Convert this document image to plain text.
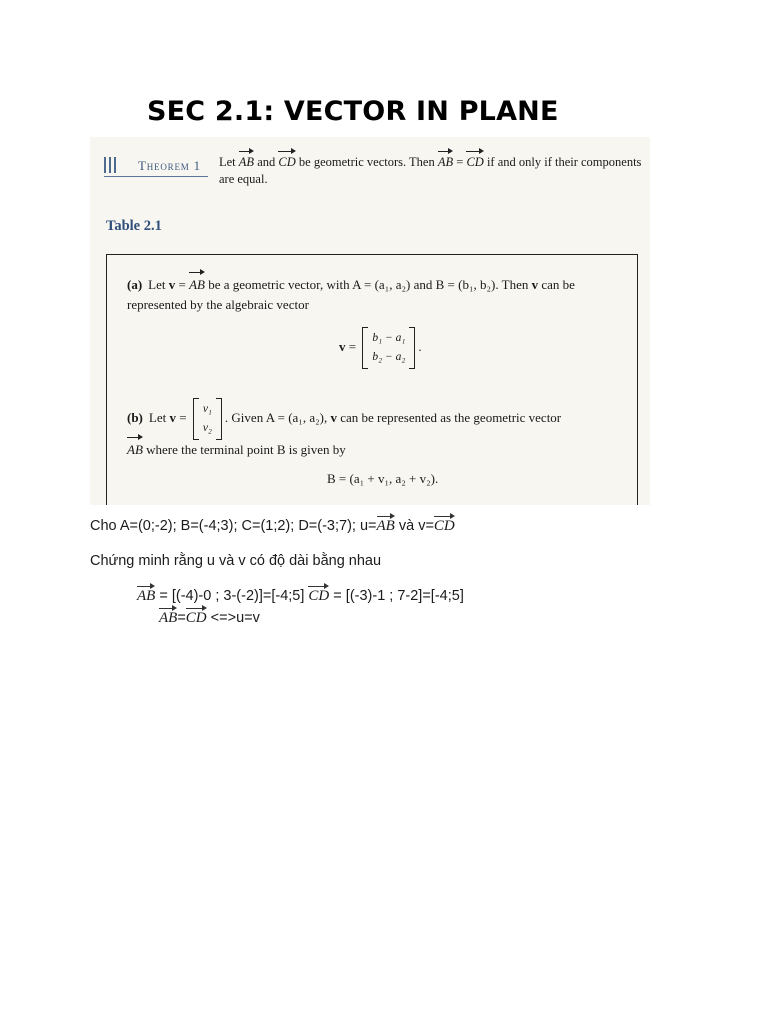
SEC 2.1: VECTOR IN PLANE
Theorem 1 Let AB and CD be geometric vectors. Then AB = CD if and only if their components are equal.
Table 2.1
(a) Let v = AB be a geometric vector, with A = (a₁, a₂) and B = (b₁, b₂). Then v can be represented by the algebraic vector
v =
b₁ − a₁
b₂ − a₂
.
(b) Let v =
v₁
v₂
. Given A = (a₁, a₂), v can be represented as the geometric vector
AB where the terminal point B is given by
B = (a₁ + v₁, a₂ + v₂).
Cho A=(0;-2); B=(-4;3); C=(1;2); D=(-3;7); u=AB và v=CD
Chứng minh rằng u và v có độ dài bằng nhau
AB = [(-4)-0 ; 3-(-2)]=[-4;5] CD = [(-3)-1 ; 7-2]=[-4;5]
AB=CD <=>u=v
